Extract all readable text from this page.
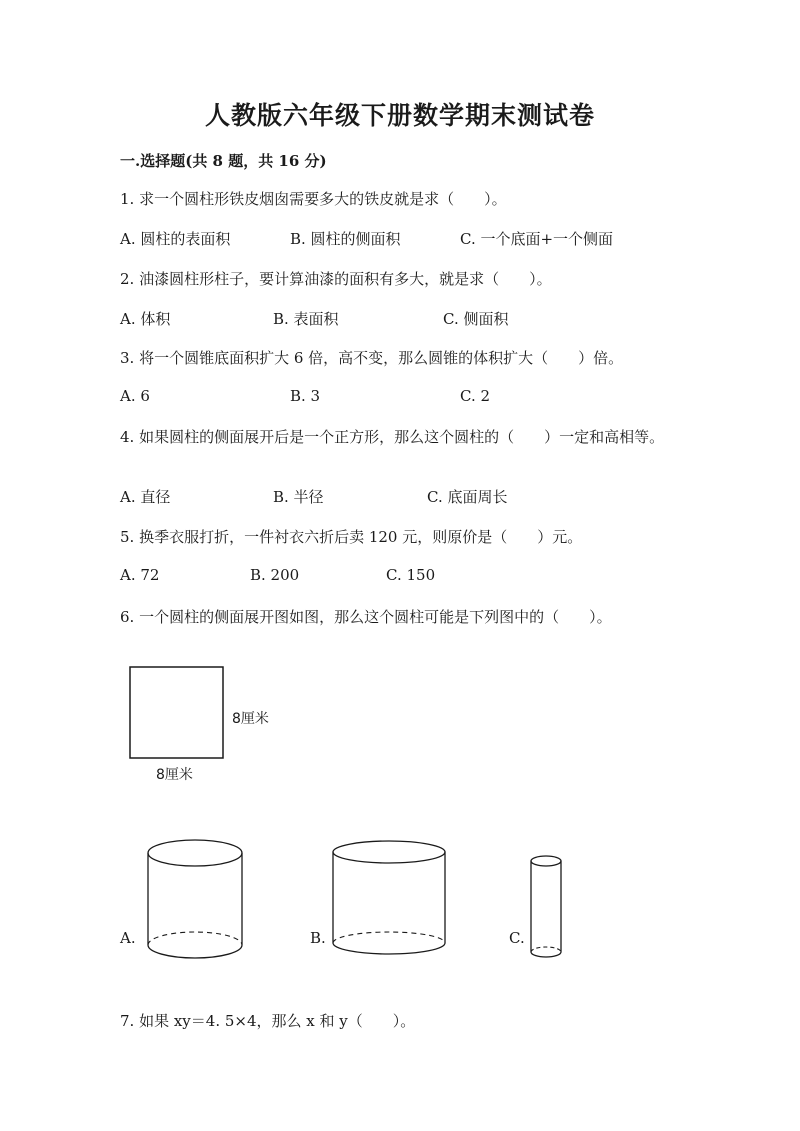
人教版六年级下册数学期末测试卷
一.选择题(共 8 题，共 16 分)
1. 求一个圆柱形铁皮烟囱需要多大的铁皮就是求（　　）。
A. 圆柱的表面积	B. 圆柱的侧面积	C. 一个底面+一个侧面
2. 油漆圆柱形柱子，要计算油漆的面积有多大，就是求（　　）。
A. 体积	B. 表面积	C. 侧面积
3. 将一个圆锥底面积扩大 6 倍，高不变，那么圆锥的体积扩大（　　）倍。
A. 6	B. 3	C. 2
4. 如果圆柱的侧面展开后是一个正方形，那么这个圆柱的（　　）一定和高相等。
A. 直径	B. 半径	C. 底面周长
5. 换季衣服打折，一件衬衣六折后卖 120 元，则原价是（　　）元。
A. 72	B. 200	C. 150
6. 一个圆柱的侧面展开图如图，那么这个圆柱可能是下列图中的（　　）。
8厘米
8厘米
A.	B.	C.
7. 如果 xy＝4. 5×4，那么 x 和 y（　　）。
